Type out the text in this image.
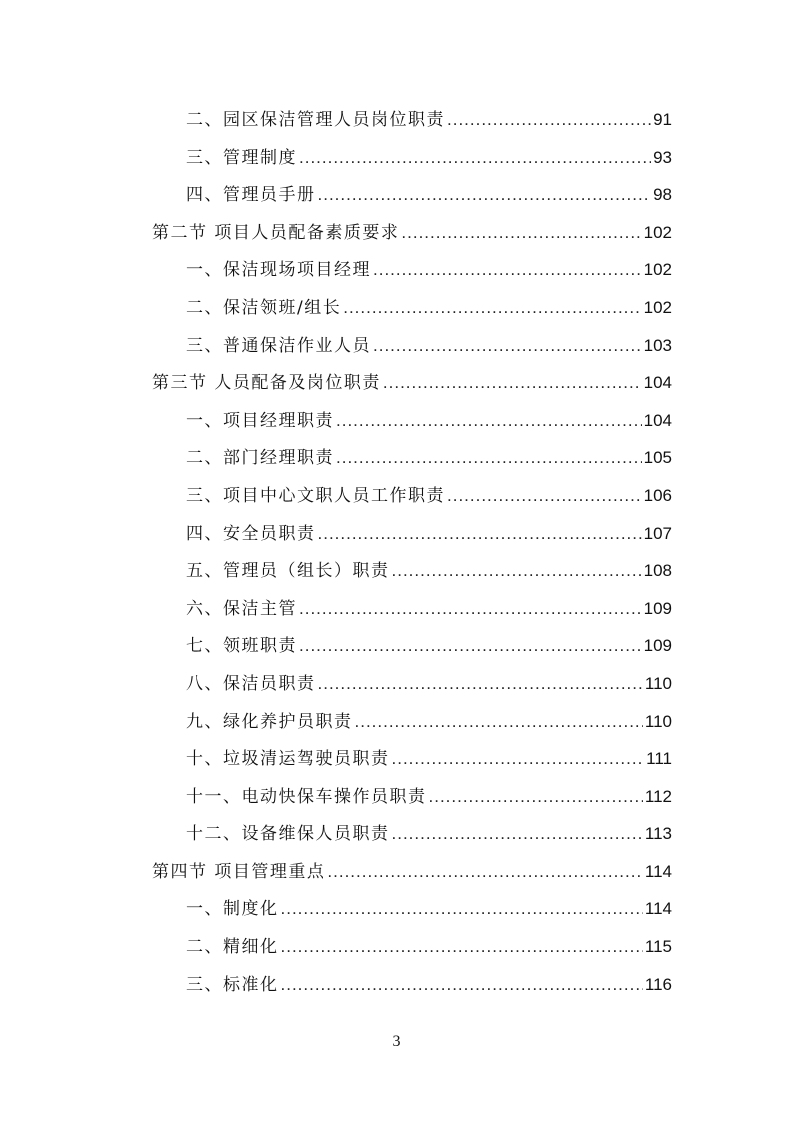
二、园区保洁管理人员岗位职责 .....	91
三、管理制度 .....	93
四、管理员手册 .....	98
第二节 项目人员配备素质要求 .....	102
一、保洁现场项目经理 .....	102
二、保洁领班/组长 .....	102
三、普通保洁作业人员 .....	103
第三节 人员配备及岗位职责 .....	104
一、项目经理职责 .....	104
二、部门经理职责 .....	105
三、项目中心文职人员工作职责 .....	106
四、安全员职责 .....	107
五、管理员（组长）职责 .....	108
六、保洁主管 .....	109
七、领班职责 .....	109
八、保洁员职责 .....	110
九、绿化养护员职责 .....	110
十、垃圾清运驾驶员职责 .....	111
十一、电动快保车操作员职责 .....	112
十二、设备维保人员职责 .....	113
第四节 项目管理重点 .....	114
一、制度化 .....	114
二、精细化 .....	115
三、标准化 .....	116
3
